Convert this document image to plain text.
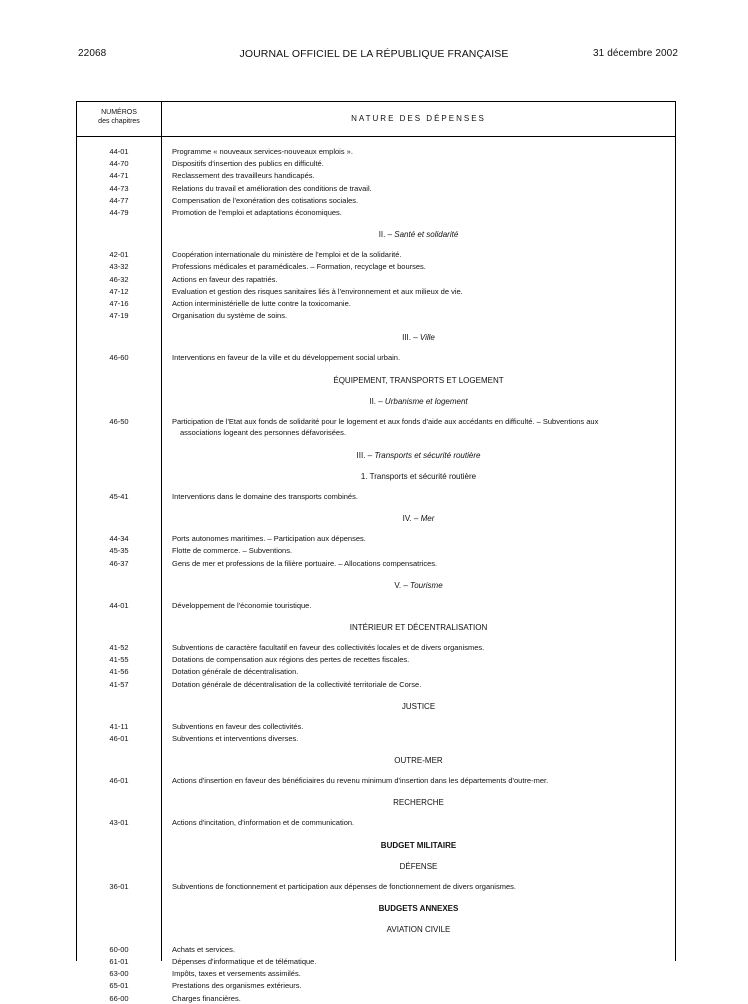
22068	JOURNAL OFFICIEL DE LA RÉPUBLIQUE FRANÇAISE	31 décembre 2002
NUMÉROS
des chapitres	NATURE DES DÉPENSES
44-01	Programme « nouveaux services-nouveaux emplois ».
44-70	Dispositifs d'insertion des publics en difficulté.
44-71	Reclassement des travailleurs handicapés.
44-73	Relations du travail et amélioration des conditions de travail.
44-77	Compensation de l'exonération des cotisations sociales.
44-79	Promotion de l'emploi et adaptations économiques.
II. – Santé et solidarité
42-01	Coopération internationale du ministère de l'emploi et de la solidarité.
43-32	Professions médicales et paramédicales. – Formation, recyclage et bourses.
46-32	Actions en faveur des rapatriés.
47-12	Evaluation et gestion des risques sanitaires liés à l'environnement et aux milieux de vie.
47-16	Action interministérielle de lutte contre la toxicomanie.
47-19	Organisation du système de soins.
III. – Ville
46-60	Interventions en faveur de la ville et du développement social urbain.
ÉQUIPEMENT, TRANSPORTS ET LOGEMENT
II. – Urbanisme et logement
46-50	Participation de l'Etat aux fonds de solidarité pour le logement et aux fonds d'aide aux accédants en difficulté. – Subventions aux
associations logeant des personnes défavorisées.
III. – Transports et sécurité routière
1. Transports et sécurité routière
45-41	Interventions dans le domaine des transports combinés.
IV. – Mer
44-34	Ports autonomes maritimes. – Participation aux dépenses.
45-35	Flotte de commerce. – Subventions.
46-37	Gens de mer et professions de la filière portuaire. – Allocations compensatrices.
V. – Tourisme
44-01	Développement de l'économie touristique.
INTÉRIEUR ET DÉCENTRALISATION
41-52	Subventions de caractère facultatif en faveur des collectivités locales et de divers organismes.
41-55	Dotations de compensation aux régions des pertes de recettes fiscales.
41-56	Dotation générale de décentralisation.
41-57	Dotation générale de décentralisation de la collectivité territoriale de Corse.
JUSTICE
41-11	Subventions en faveur des collectivités.
46-01	Subventions et interventions diverses.
OUTRE-MER
46-01	Actions d'insertion en faveur des bénéficiaires du revenu minimum d'insertion dans les départements d'outre-mer.
RECHERCHE
43-01	Actions d'incitation, d'information et de communication.
BUDGET MILITAIRE
DÉFENSE
36-01	Subventions de fonctionnement et participation aux dépenses de fonctionnement de divers organismes.
BUDGETS ANNEXES
AVIATION CIVILE
60-00	Achats et services.
61-01	Dépenses d'informatique et de télématique.
63-00	Impôts, taxes et versements assimilés.
65-01	Prestations des organismes extérieurs.
66-00	Charges financières.
